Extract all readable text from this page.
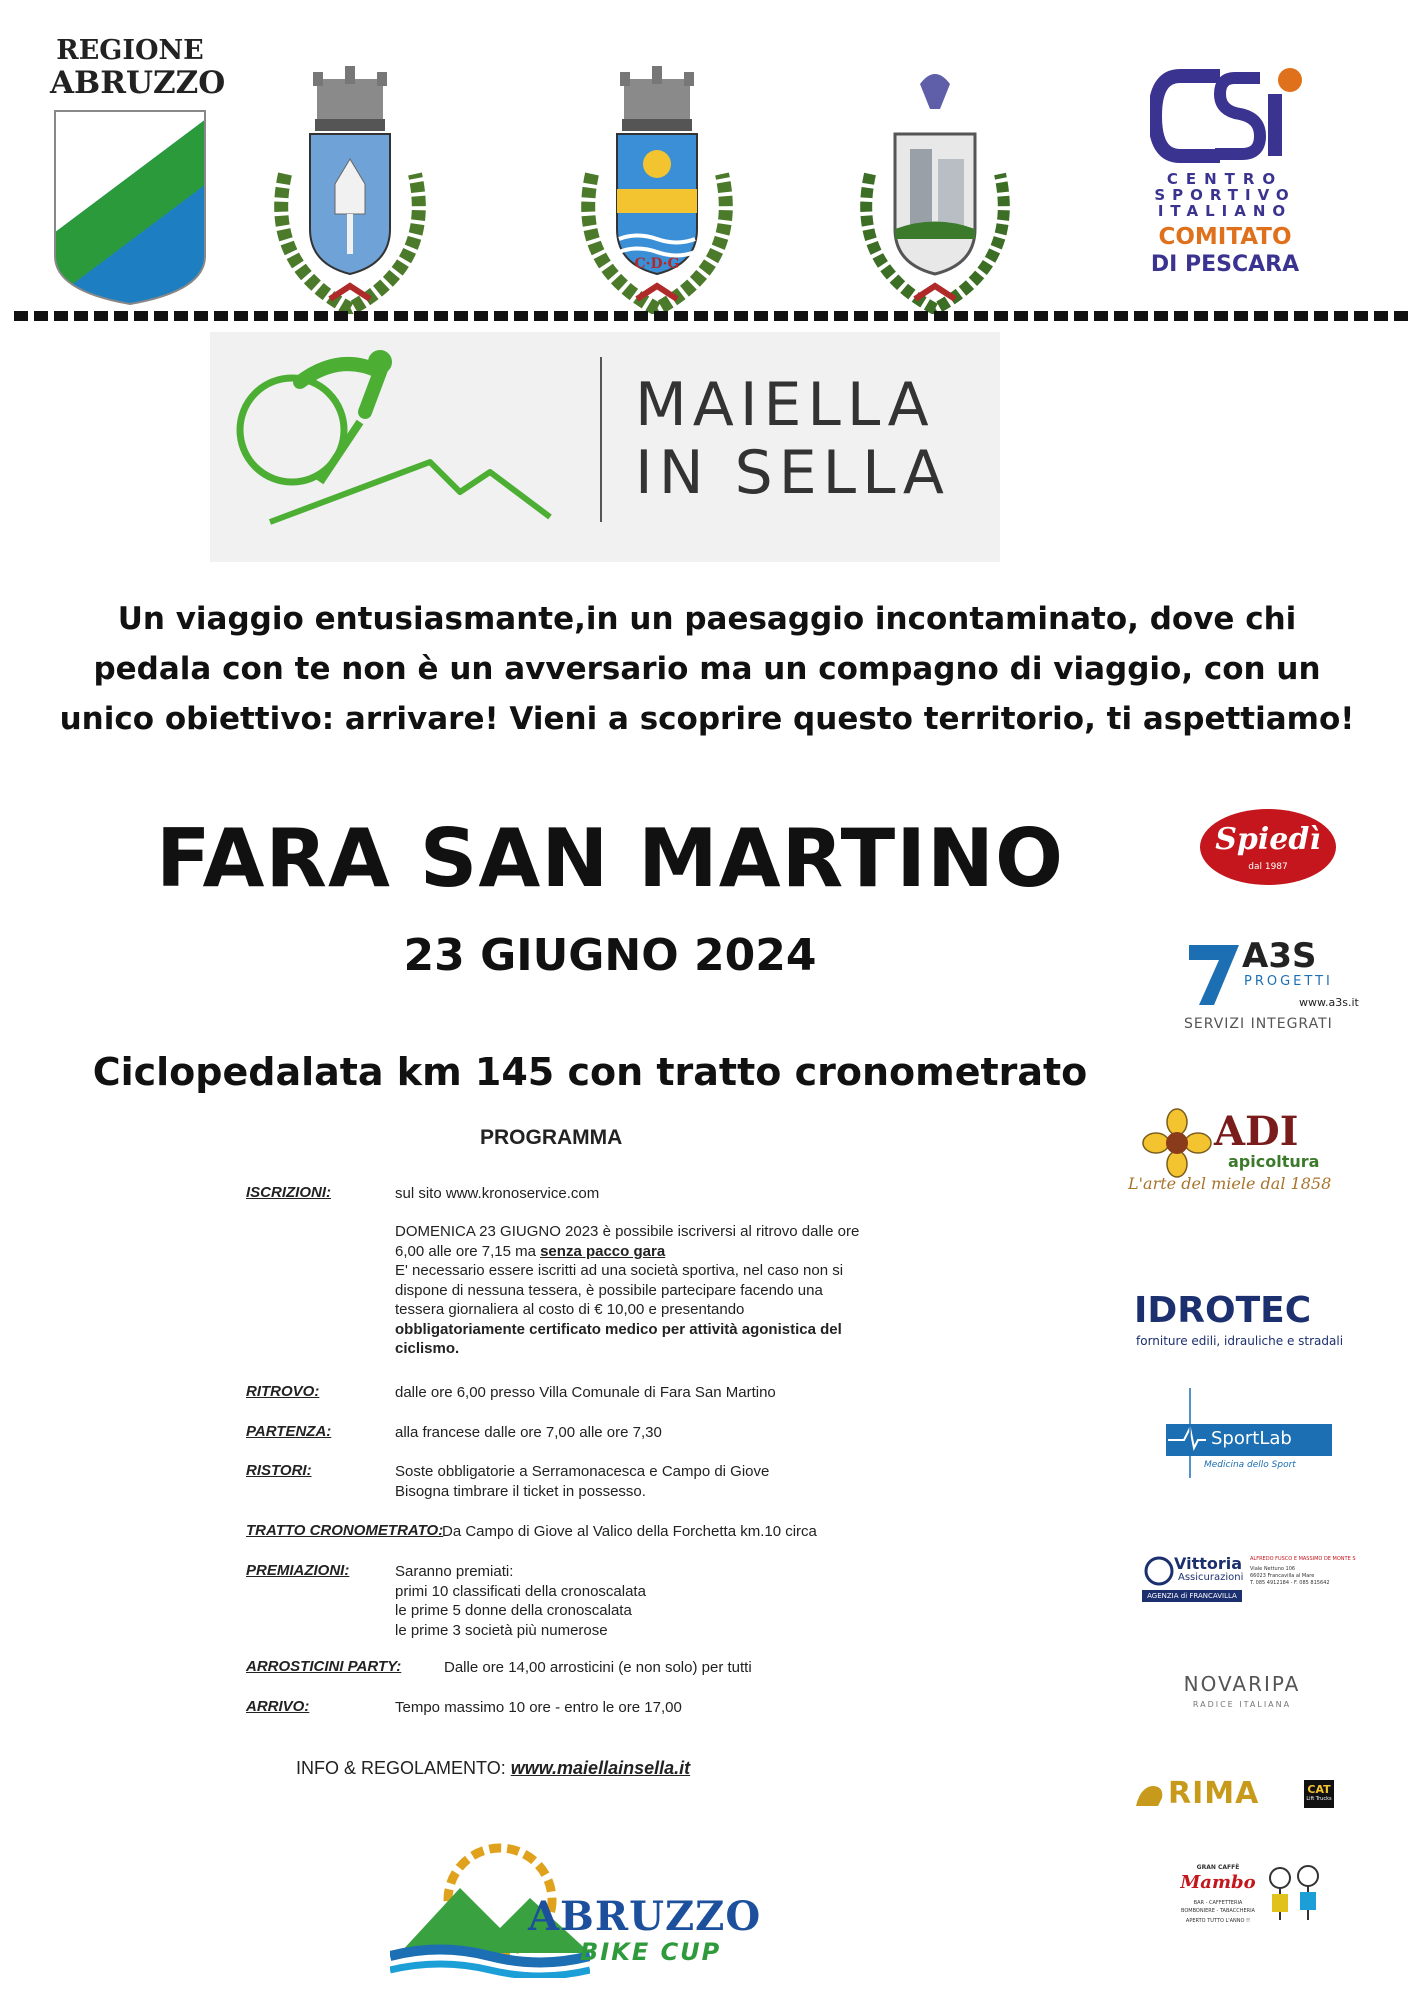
REGIONE
ABRUZZO
C·D·G
CENTRO
SPORTIVO
ITALIANO
COMITATO
DI PESCARA
MAIELLA
IN SELLA
Un viaggio entusiasmante,in un paesaggio incontaminato, dove chi
pedala con te non è un avversario ma un compagno di viaggio, con un
unico obiettivo: arrivare! Vieni a scoprire questo territorio, ti aspettiamo!
FARA SAN MARTINO
23 GIUGNO 2024
Ciclopedalata km 145 con tratto cronometrato
PROGRAMMA
ISCRIZIONI:	sul sito www.kronoservice.com
DOMENICA 23 GIUGNO 2023 è possibile iscriversi al ritrovo dalle ore
6,00 alle ore 7,15 ma senza pacco gara
E' necessario essere iscritti ad una società sportiva, nel caso non si
dispone di nessuna tessera, è possibile partecipare facendo una
tessera giornaliera al costo di € 10,00 e presentando
obbligatoriamente certificato medico per attività agonistica del
ciclismo.
RITROVO:	dalle ore 6,00 presso Villa Comunale di Fara San Martino
PARTENZA:	alla francese dalle ore 7,00 alle ore 7,30
RISTORI:	Soste obbligatorie a Serramonacesca e Campo di Giove
Bisogna timbrare il ticket in possesso.
TRATTO CRONOMETRATO:
Da Campo di Giove al Valico della Forchetta km.10 circa
PREMIAZIONI:	Saranno premiati:
primi 10 classificati della cronoscalata
le prime 5 donne della cronoscalata
le prime 3 società più numerose
ARROSTICINI PARTY:	Dalle ore 14,00 arrosticini (e non solo) per tutti
ARRIVO:	Tempo massimo 10 ore - entro le ore 17,00
INFO & REGOLAMENTO: www.maiellainsella.it
ABRUZZO
BIKE CUP
Spiedì
dal 1987
A3S
PROGETTI
www.a3s.it
SERVIZI INTEGRATI
ADI
apicoltura
L'arte del miele dal 1858
IDROTEC
forniture edili, idrauliche e stradali
SportLab
Medicina dello Sport
Vittoria
Assicurazioni
AGENZIA di FRANCAVILLA
ALFREDO FUSCO E MASSIMO DE MONTE S
Viale Nettuno 106
66023 Francavilla al Mare
T. 085 4912184 - F. 085 815642
NOVARIPA
RADICE ITALIANA
RIMA	CAT
Lift Trucks
GRAN CAFFÈ
Mambo
BAR - CAFFETTERIA
BOMBONIERE - TABACCHERIA
APERTO TUTTO L'ANNO !!
